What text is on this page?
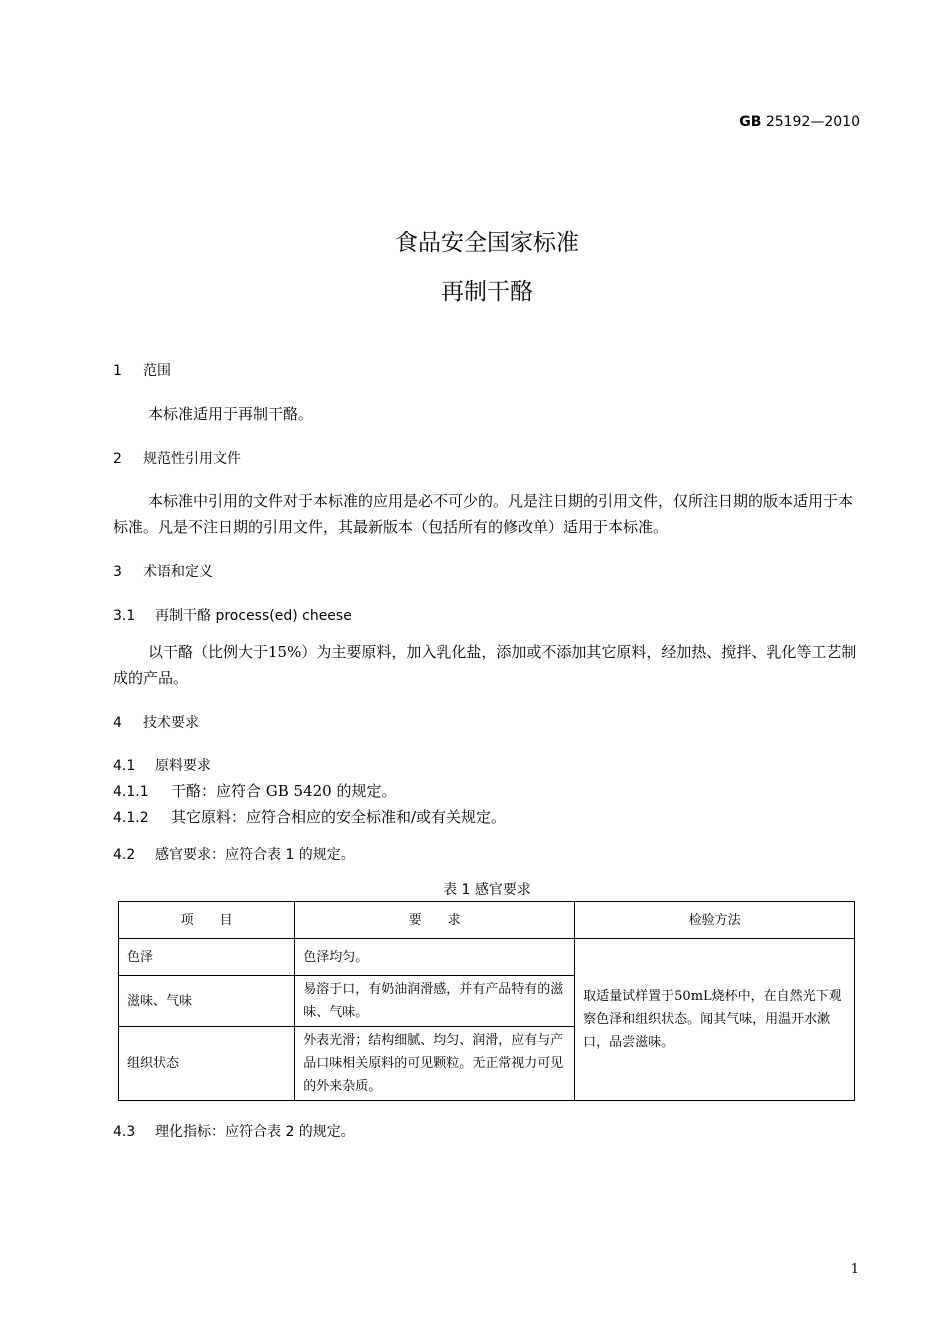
GB 25192—2010
食品安全国家标准
再制干酪
1 范围
本标准适用于再制干酪。
2 规范性引用文件
本标准中引用的文件对于本标准的应用是必不可少的。凡是注日期的引用文件，仅所注日期的版本适用于本标准。凡是不注日期的引用文件，其最新版本（包括所有的修改单）适用于本标准。
3 术语和定义
3.1 再制干酪 process(ed) cheese
以干酪（比例大于15%）为主要原料，加入乳化盐，添加或不添加其它原料，经加热、搅拌、乳化等工艺制成的产品。
4 技术要求
4.1 原料要求
4.1.1 干酪：应符合 GB 5420 的规定。
4.1.2 其它原料：应符合相应的安全标准和/或有关规定。
4.2 感官要求：应符合表 1 的规定。
表 1 感官要求
项　　目	要　　求	检验方法
色泽	色泽均匀。	取适量试样置于50mL烧杯中，在自然光下观察色泽和组织状态。闻其气味，用温开水漱口，品尝滋味。
滋味、气味	易溶于口，有奶油润滑感，并有产品特有的滋味、气味。	
组织状态	外表光滑；结构细腻、均匀、润滑，应有与产品口味相关原料的可见颗粒。无正常视力可见的外来杂质。	
4.3 理化指标：应符合表 2 的规定。
1
